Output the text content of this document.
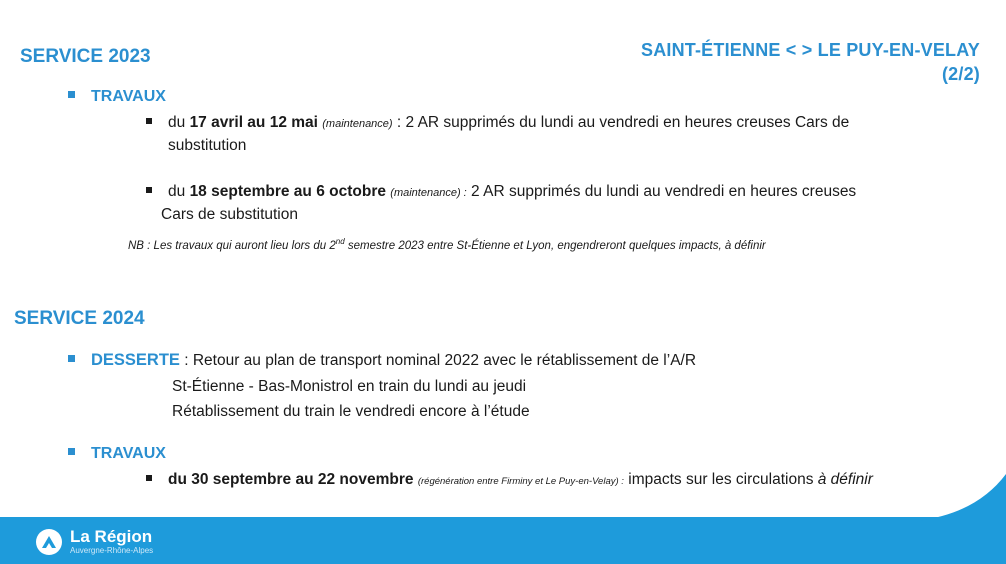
SAINT-ÉTIENNE < > LE PUY-EN-VELAY
(2/2)
SERVICE 2023
TRAVAUX
du 17 avril au 12 mai (maintenance) : 2 AR supprimés du lundi au vendredi en heures creuses Cars de
substitution
du 18 septembre au 6 octobre (maintenance) : 2 AR supprimés du lundi au vendredi en heures creuses
Cars de substitution
NB : Les travaux qui auront lieu lors du 2nd semestre 2023 entre St-Étienne et Lyon, engendreront quelques impacts, à définir
SERVICE 2024
DESSERTE : Retour au plan de transport nominal 2022 avec le rétablissement de l’A/R
St-Étienne - Bas-Monistrol en train du lundi au jeudi
Rétablissement du train le vendredi encore à l’étude
TRAVAUX
du 30 septembre au 22 novembre (régénération entre Firminy et Le Puy-en-Velay) : impacts sur les circulations à définir
La Région
Auvergne-Rhône-Alpes
